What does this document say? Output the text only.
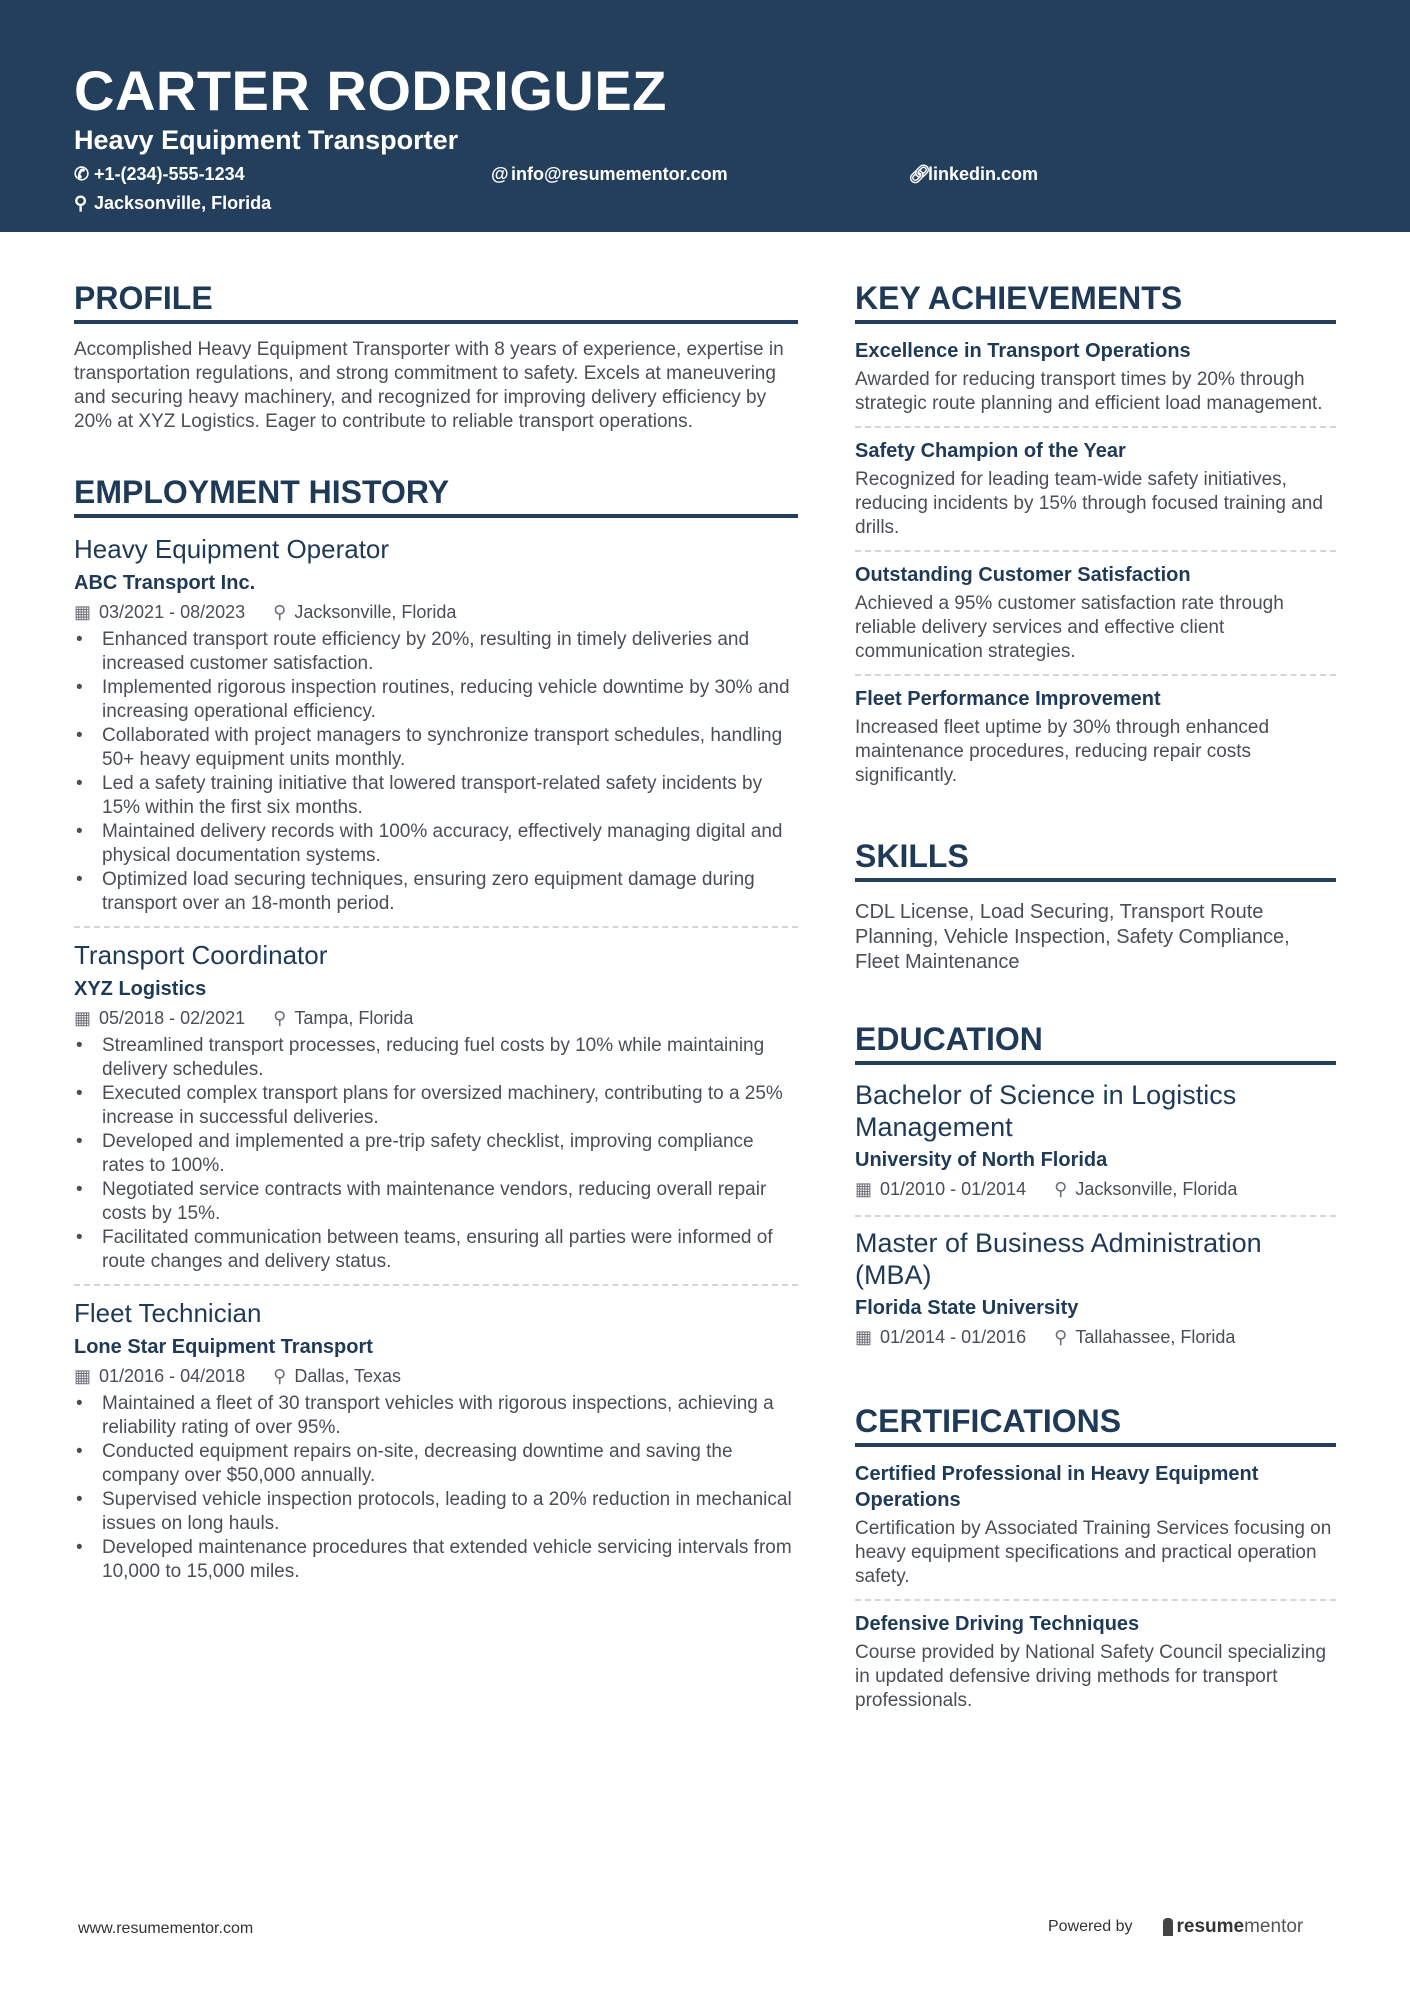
CARTER RODRIGUEZ
Heavy Equipment Transporter
✆ +1-(234)-555-1234	@ info@resumementor.com	🔗︎linkedin.com
⚲ Jacksonville, Florida
PROFILE

Accomplished Heavy Equipment Transporter with 8 years of experience, expertise in transportation regulations, and strong commitment to safety. Excels at maneuvering and securing heavy machinery, and recognized for improving delivery efficiency by 20% at XYZ Logistics. Eager to contribute to reliable transport operations.

EMPLOYMENT HISTORY
Heavy Equipment Operator
ABC Transport Inc.
▦ 03/2021 - 08/2023 ⚲ Jacksonville, Florida
• Enhanced transport route efficiency by 20%, resulting in timely deliveries and increased customer satisfaction.
• Implemented rigorous inspection routines, reducing vehicle downtime by 30% and increasing operational efficiency.
• Collaborated with project managers to synchronize transport schedules, handling 50+ heavy equipment units monthly.
• Led a safety training initiative that lowered transport-related safety incidents by 15% within the first six months.
• Maintained delivery records with 100% accuracy, effectively managing digital and physical documentation systems.
• Optimized load securing techniques, ensuring zero equipment damage during transport over an 18-month period.
Transport Coordinator
XYZ Logistics
▦ 05/2018 - 02/2021 ⚲ Tampa, Florida
• Streamlined transport processes, reducing fuel costs by 10% while maintaining delivery schedules.
• Executed complex transport plans for oversized machinery, contributing to a 25% increase in successful deliveries.
• Developed and implemented a pre-trip safety checklist, improving compliance rates to 100%.
• Negotiated service contracts with maintenance vendors, reducing overall repair costs by 15%.
• Facilitated communication between teams, ensuring all parties were informed of route changes and delivery status.
Fleet Technician
Lone Star Equipment Transport
▦ 01/2016 - 04/2018 ⚲ Dallas, Texas
• Maintained a fleet of 30 transport vehicles with rigorous inspections, achieving a reliability rating of over 95%.
• Conducted equipment repairs on-site, decreasing downtime and saving the company over $50,000 annually.
• Supervised vehicle inspection protocols, leading to a 20% reduction in mechanical issues on long hauls.
• Developed maintenance procedures that extended vehicle servicing intervals from 10,000 to 15,000 miles.
KEY ACHIEVEMENTS
Excellence in Transport Operations

Awarded for reducing transport times by 20% through strategic route planning and efficient load management.

Safety Champion of the Year

Recognized for leading team-wide safety initiatives, reducing incidents by 15% through focused training and drills.

Outstanding Customer Satisfaction

Achieved a 95% customer satisfaction rate through reliable delivery services and effective client communication strategies.

Fleet Performance Improvement

Increased fleet uptime by 30% through enhanced maintenance procedures, reducing repair costs significantly.

SKILLS

CDL License, Load Securing, Transport Route Planning, Vehicle Inspection, Safety Compliance, Fleet Maintenance

EDUCATION
Bachelor of Science in Logistics Management
University of North Florida
▦ 01/2010 - 01/2014 ⚲ Jacksonville, Florida
Master of Business Administration (MBA)
Florida State University
▦ 01/2014 - 01/2016 ⚲ Tallahassee, Florida
CERTIFICATIONS
Certified Professional in Heavy Equipment Operations

Certification by Associated Training Services focusing on heavy equipment specifications and practical operation safety.

Defensive Driving Techniques

Course provided by National Safety Council specializing in updated defensive driving methods for transport professionals.

www.resumementor.com	Powered by resume mentor
